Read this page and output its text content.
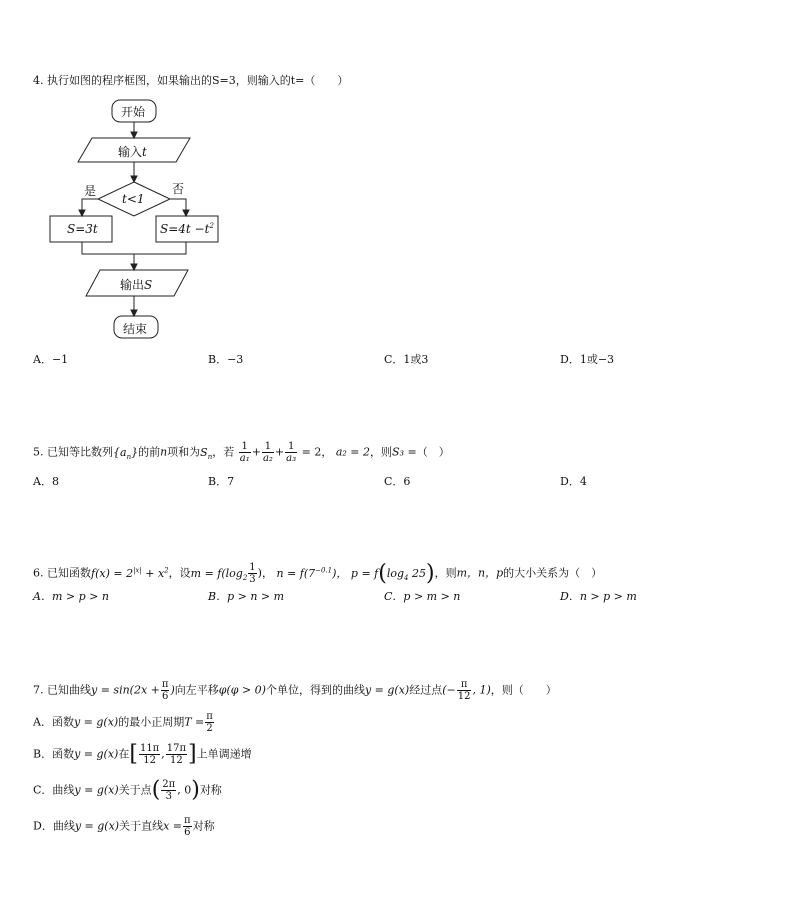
4. 执行如图的程序框图，如果输出的S=3，则输入的t=（　　）
开始
输入t
t<1
是	否
S=3t	$S=4t -t^2$
输出S
结束
A．−1	B．−3	C．1或3	D．1或−3
5. 已知等比数列$\{a_n\}$的前n项和为$S_n$，若 $\frac{1}{\text{a₁}} + \frac{1}{\text{a₂}} + \frac{1}{\text{a₃}} = 2$， a₂ = 2，则S₃ =（　）
A．8	B．7	C．6	D．4
6. 已知函数$f(x) = 2^{|x|} + x^2$，设$m = f(\log_2 \frac{1}{3}$ )， $n = f(7^{-0.1})$， $p = f(\log_4$ 25)，则m，n，p的大小关系为（　）
A．m > p > n	B．p > n > m	C．p > m > n	D．n > p > m
7. 已知曲线$y = \sin(2x + \frac{\pi}{6}$ )向左平移φ(φ > 0)个单位，得到的曲线y = g(x)经过点(− $\frac{\pi}{12}$ , 1)，则（　　）
A．函数y = g(x)的最小正周期$T = \frac{\pi}{2}$
B．函数y = g(x)在[ $\frac{11\pi}{12}$ , $\frac{17\pi}{12}$ ]上单调递增
C．曲线y = g(x)关于点( $\frac{2\pi}{3}$ , 0)对称
D．曲线y = g(x)关于直线$x = \frac{\pi}{6}$ 对称
